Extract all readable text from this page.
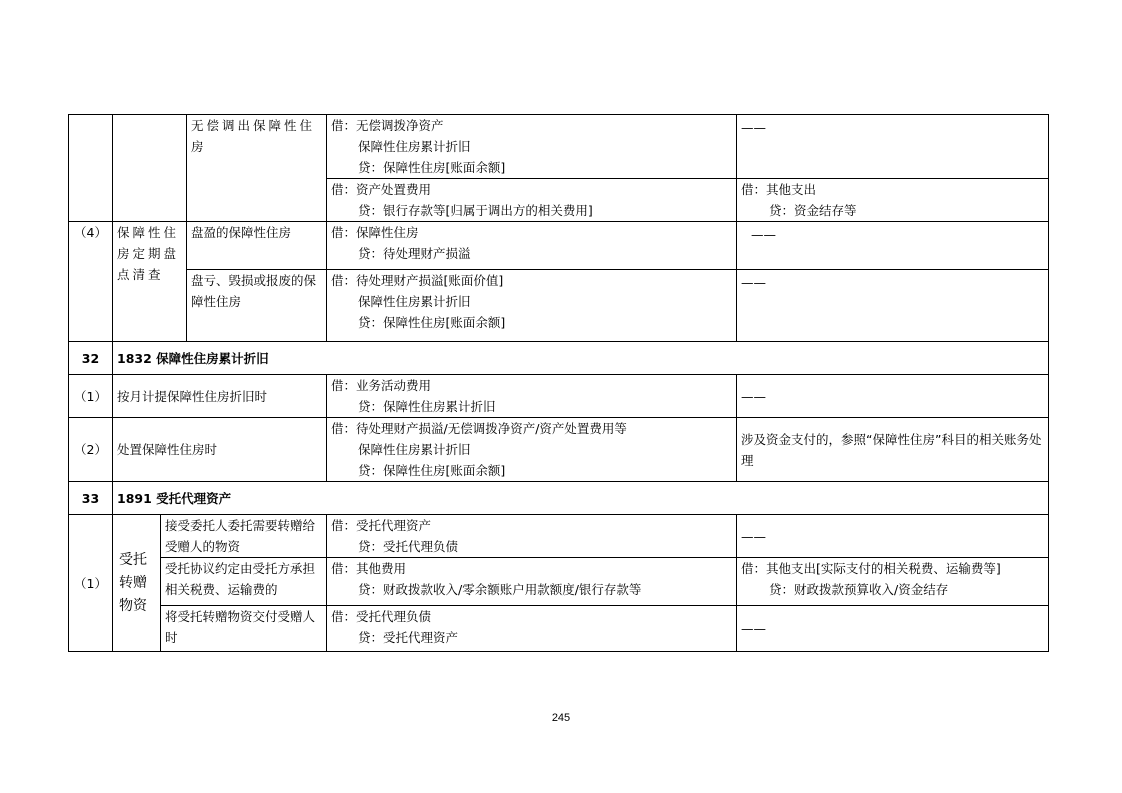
			无偿调出保障性住房	借：无偿调拨净资产
保障性住房累计折旧
贷：保障性住房[账面余额]	——

				借：资产处置费用
贷：银行存款等[归属于调出方的相关费用]	借：其他支出
贷：资金结存等

（4）	保障性住房定期盘点清查		盘盈的保障性住房	借：保障性住房
贷：待处理财产损溢	——

			盘亏、毁损或报废的保障性住房	借：待处理财产损溢[账面价值]
保障性住房累计折旧
贷：保障性住房[账面余额]	——

32	1832 保障性住房累计折旧				
（1）	按月计提保障性住房折旧时			借：业务活动费用
贷：保障性住房累计折旧	——
（2）	处置保障性住房时			借：待处理财产损溢/无偿调拨净资产/资产处置费用等
保障性住房累计折旧
贷：保障性住房[账面余额]	涉及资金支付的，参照“保障性住房”科目的相关账务处理
33	1891 受托代理资产				
（1）	受托转赠物资	接受委托人委托需要转赠给受赠人的物资		借：受托代理资产
贷：受托代理负债	——
		受托协议约定由受托方承担相关税费、运输费的		借：其他费用
贷：财政拨款收入/零余额账户用款额度/银行存款等	借：其他支出[实际支付的相关税费、运输费等]
贷：财政拨款预算收入/资金结存

		将受托转赠物资交付受赠人时		借：受托代理负债
贷：受托代理资产	——
245
